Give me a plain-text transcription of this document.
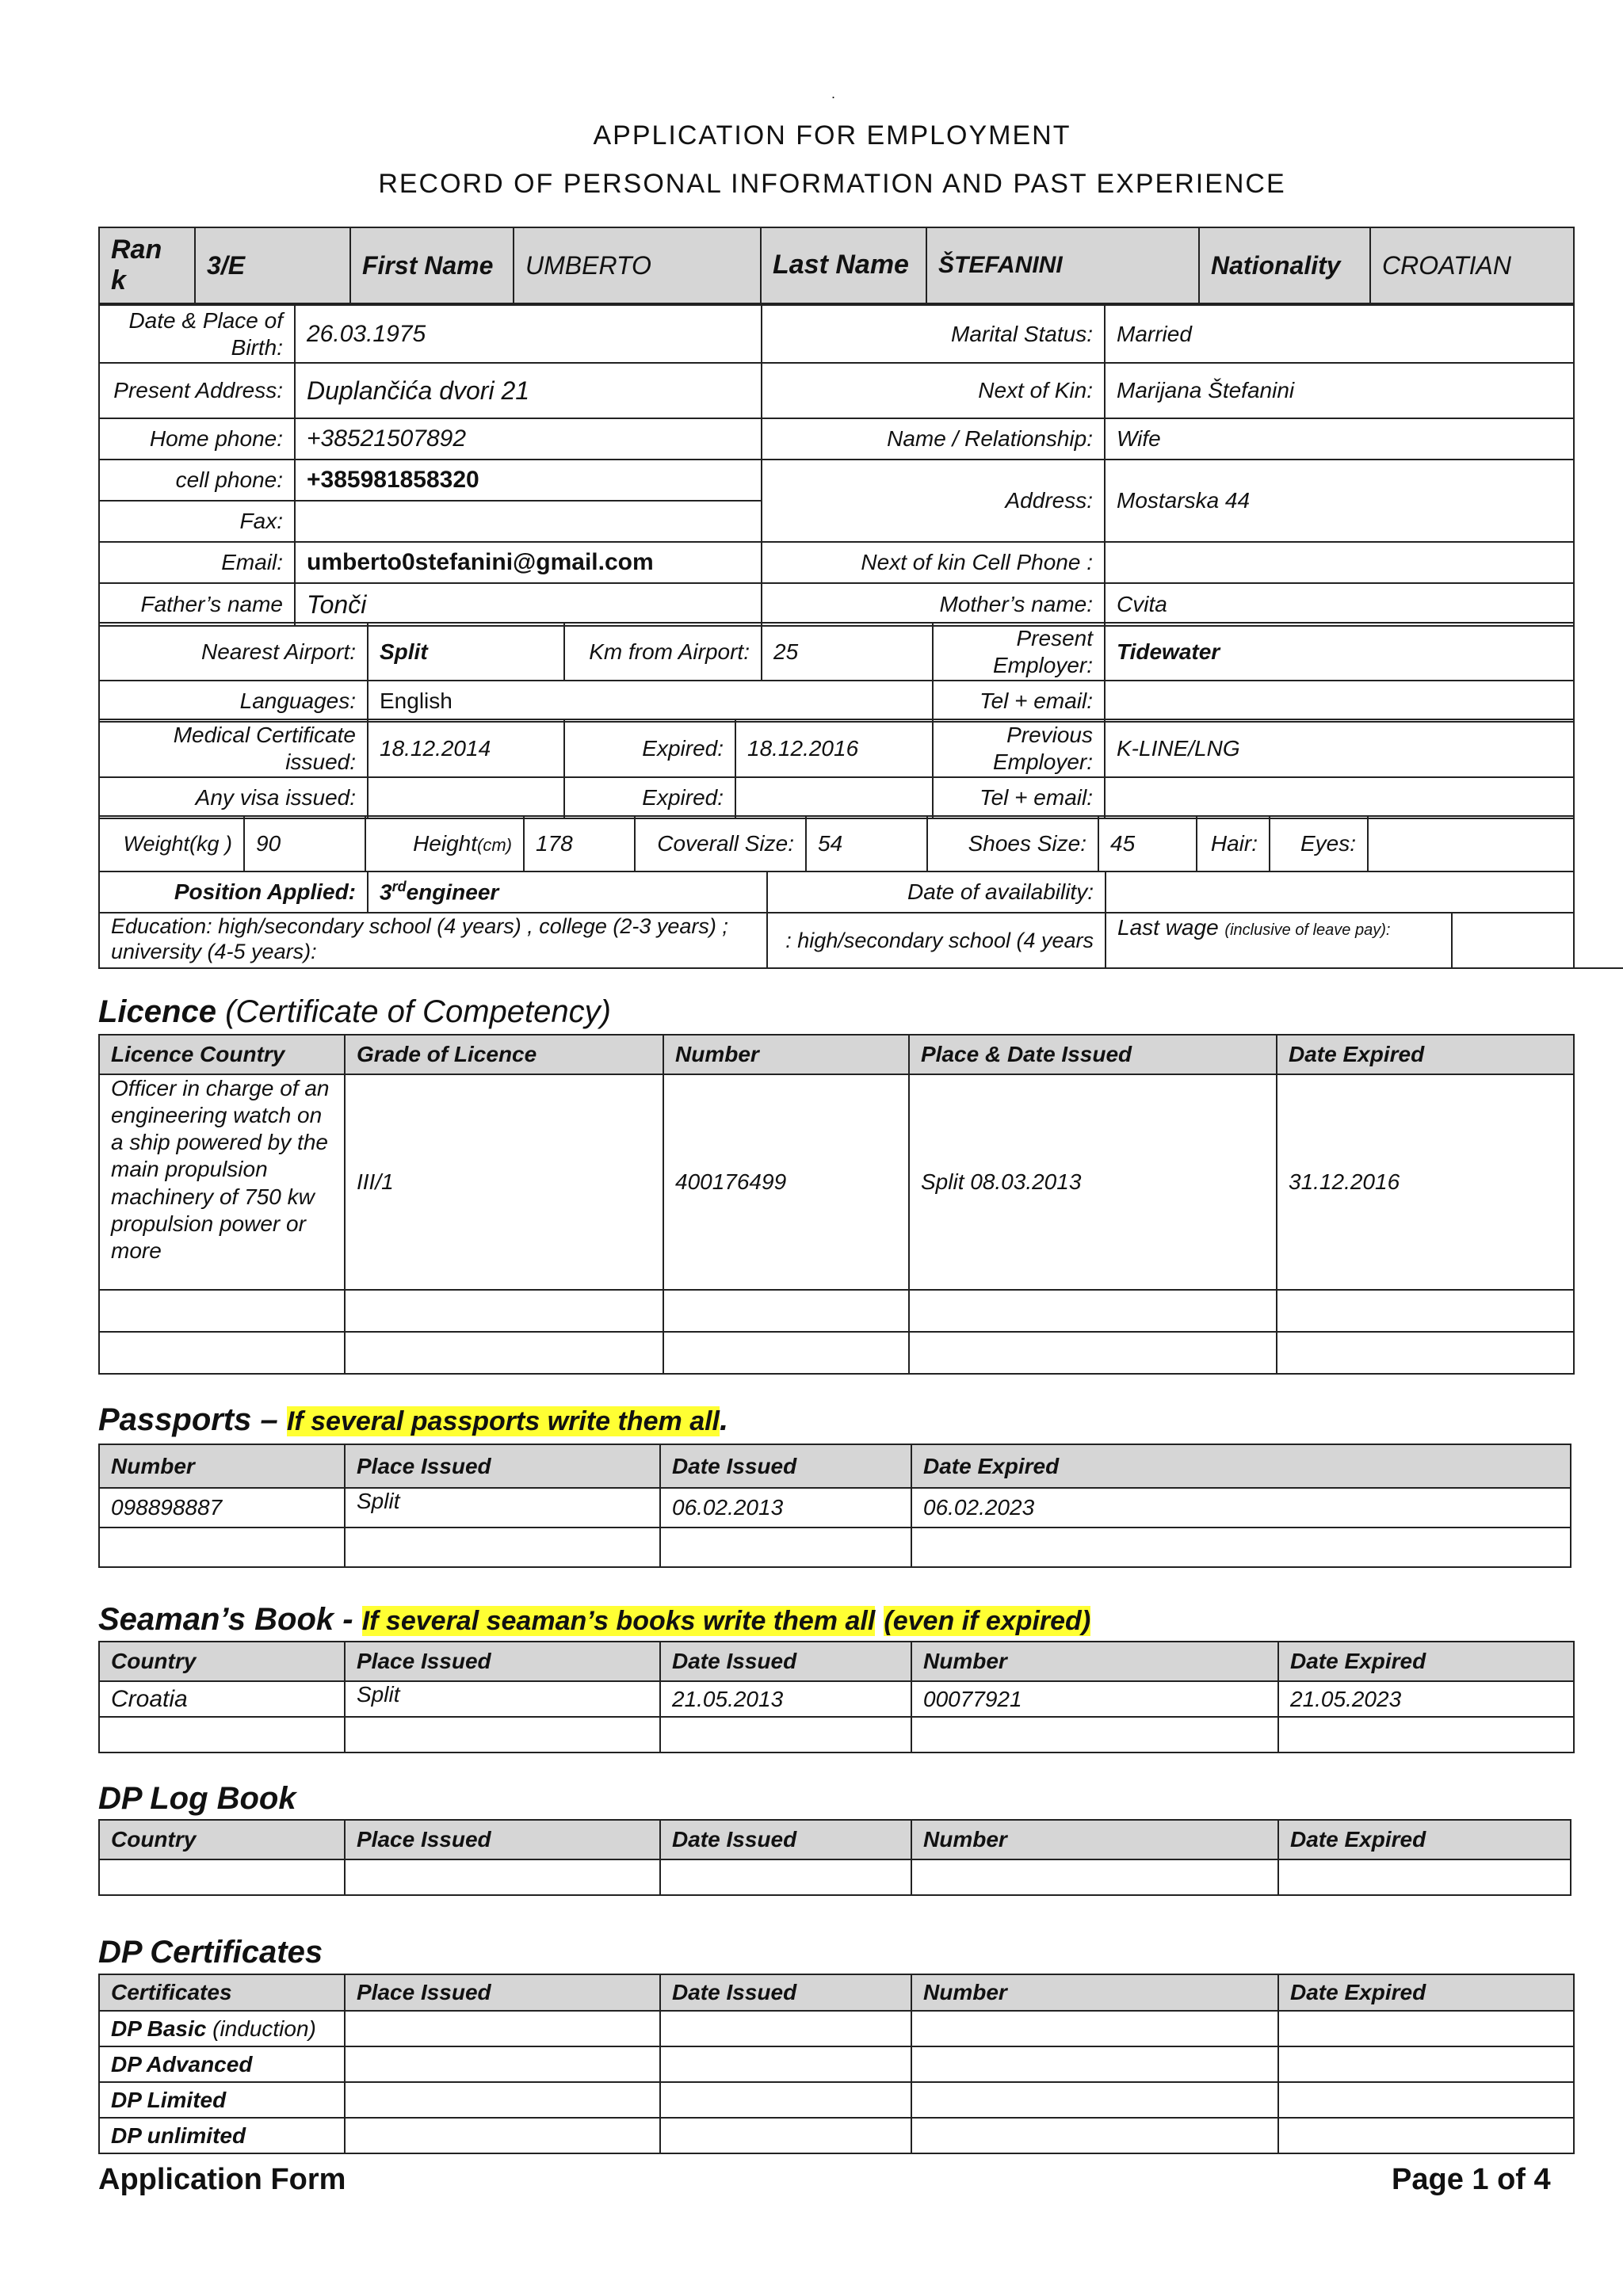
.
APPLICATION FOR EMPLOYMENT
RECORD OF PERSONAL INFORMATION AND PAST EXPERIENCE
Ran k	3/E	First Name	UMBERTO	Last Name	ŠTEFANINI	Nationality	CROATIAN
Date & Place of Birth:	26.03.1975	Marital Status:	Married
Present Address:	Duplančića dvori 21	Next of Kin:	Marijana Štefanini
Home phone:	+38521507892	Name / Relationship:	Wife
cell phone:	+385981858320	Address:	Mostarska 44
Fax:			
Email:	umberto0stefanini@gmail.com	Next of kin Cell Phone :	
Father’s name	Tonči	Mother’s name:	Cvita
Nearest Airport:	Split	Km from Airport:	25	Present Employer:	Tidewater
Languages:	English			Tel + email:	
Medical Certificate issued:	18.12.2014	Expired:	18.12.2016	Previous Employer:	K-LINE/LNG
Any visa issued:		Expired:		Tel + email:	
Weight(kg )	90	Height(cm)	178	Coverall Size:	54	Shoes Size:	45	Hair:	Eyes:	
Position Applied:	3rdengineer	Date of availability:	
Education: high/secondary school (4 years) , college (2-3 years) ; university (4-5 years):	: high/secondary school (4 years	Last wage (inclusive of leave pay):		
Licence (Certificate of Competency)
Licence Country	Grade of Licence	Number	Place & Date Issued	Date Expired
Officer in charge of an engineering watch on a ship powered by the main propulsion machinery of 750 kw propulsion power or more	III/1	400176499	Split 08.03.2013	31.12.2016

Passports – If several passports write them all.
Number	Place Issued	Date Issued	Date Expired
098898887	Split	06.02.2013	06.02.2023

Seaman’s Book - If several seaman’s books write them all (even if expired)
Country	Place Issued	Date Issued	Number	Date Expired
Croatia	Split	21.05.2013	00077921	21.05.2023

DP Log Book
Country	Place Issued	Date Issued	Number	Date Expired

DP Certificates
Certificates	Place Issued	Date Issued	Number	Date Expired
DP Basic (induction)				
DP Advanced				
DP Limited				
DP unlimited				
Application Form	Page 1 of 4
